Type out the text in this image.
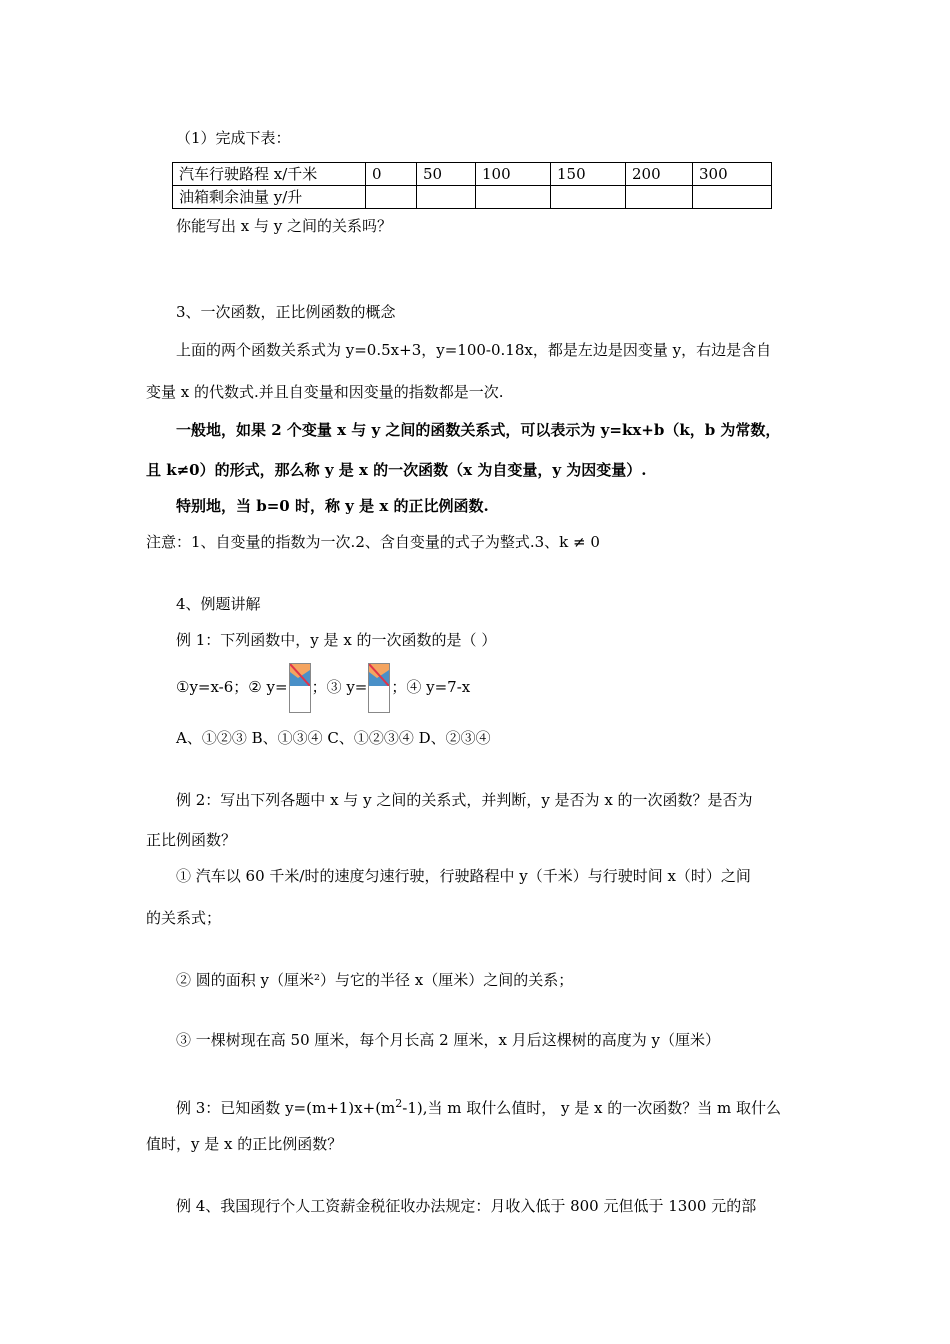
（1）完成下表：
汽车行驶路程 x/千米	0	50	100	150	200	300
油箱剩余油量 y/升						
你能写出 x 与 y 之间的关系吗？
3、一次函数，正比例函数的概念
上面的两个函数关系式为 y=0.5x+3，y=100-0.18x，都是左边是因变量 y，右边是含自
变量 x 的代数式.并且自变量和因变量的指数都是一次.
一般地，如果 2 个变量 x 与 y 之间的函数关系式，可以表示为 y=kx+b（k，b 为常数，
且 k≠0）的形式，那么称 y 是 x 的一次函数（x 为自变量，y 为因变量）.
特别地，当 b=0 时，称 y 是 x 的正比例函数.
注意：1、自变量的指数为一次.2、含自变量的式子为整式.3、k ≠ 0
4、例题讲解
例 1：下列函数中，y 是 x 的一次函数的是（ ）
①y=x-6；② y= ；③ y= ；④ y=7-x
A、①②③ B、①③④ C、①②③④ D、②③④
例 2：写出下列各题中 x 与 y 之间的关系式，并判断，y 是否为 x 的一次函数？是否为
正比例函数？
① 汽车以 60 千米/时的速度匀速行驶，行驶路程中 y（千米）与行驶时间 x（时）之间
的关系式；
② 圆的面积 y（厘米²）与它的半径 x（厘米）之间的关系；
③ 一棵树现在高 50 厘米，每个月长高 2 厘米，x 月后这棵树的高度为 y（厘米）
例 3：已知函数 $y=(m+1)x+(m^2-1)$,当 m 取什么值时， y 是 x 的一次函数？当 m 取什么
值时，y 是 x 的正比例函数？
例 4、我国现行个人工资薪金税征收办法规定：月收入低于 800 元但低于 1300 元的部
